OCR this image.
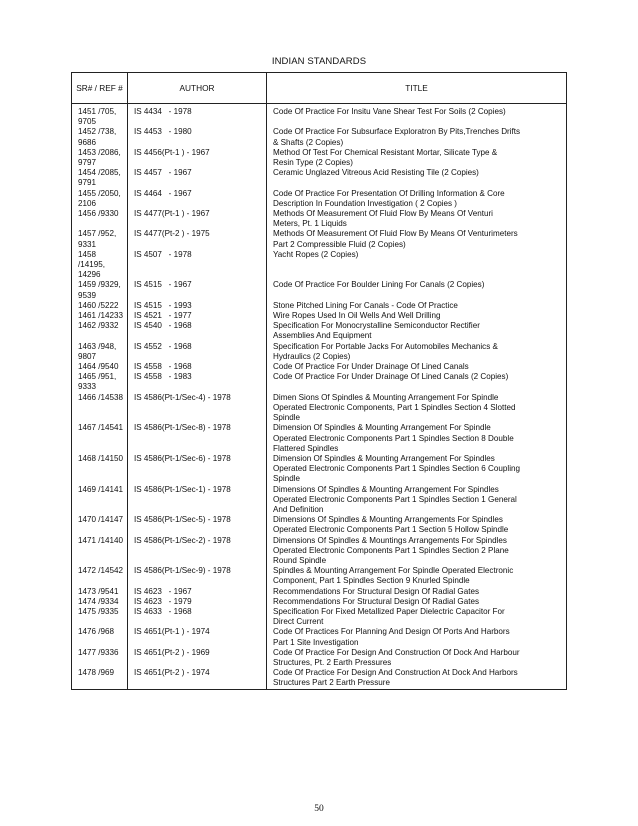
INDIAN STANDARDS
SR# / REF #	AUTHOR	TITLE
1451 /705,
9705	IS 4434   - 1978	Code Of Practice For Insitu Vane Shear Test For Soils (2 Copies)
1452 /738,
9686	IS 4453   - 1980	Code Of Practice For Subsurface Exploratron By Pits,Trenches Drifts
& Shafts (2 Copies)
1453 /2086,
9797	IS 4456(Pt-1 ) - 1967	Method Of Test For Chemical Resistant Mortar, Silicate Type &
Resin Type (2 Copies)
1454 /2085,
9791	IS 4457   - 1967	Ceramic Unglazed Vitreous Acid Resisting Tile (2 Copies)
1455 /2050,
2106	IS 4464   - 1967	Code Of Practice For Presentation Of Drilling Information & Core
Description In Foundation Investigation ( 2 Copies )
1456 /9330	IS 4477(Pt-1 ) - 1967	Methods Of Measurement Of Fluid Flow By Means Of Venturi
Meters, Pt. 1 Liquids
1457 /952,
9331	IS 4477(Pt-2 ) - 1975	Methods Of Measurement Of Fluid Flow By Means Of Venturimeters
Part 2 Compressible Fluid (2 Copies)
1458 /14195,
14296	IS 4507   - 1978	Yacht Ropes (2 Copies)
1459 /9329,
9539	IS 4515   - 1967	Code Of Practice For Boulder Lining For Canals (2 Copies)
1460 /5222	IS 4515   - 1993	Stone Pitched Lining For Canals - Code Of Practice
1461 /14233	IS 4521   - 1977	Wire Ropes Used In Oil Wells And Well Drilling
1462 /9332	IS 4540   - 1968	Specification For Monocrystalline Semiconductor Rectifier
Assemblies And Equipment
1463 /948,
9807	IS 4552   - 1968	Specification For Portable Jacks For Automobiles Mechanics &
Hydraulics (2 Copies)
1464 /9540	IS 4558   - 1968	Code Of Practice For Under Drainage Of Lined Canals
1465 /951,
9333	IS 4558   - 1983	Code Of Practice For Under Drainage Of Lined Canals (2 Copies)
1466 /14538	IS 4586(Pt-1/Sec-4) - 1978	Dimen Sions Of Spindles & Mounting Arrangement For Spindle
Operated Electronic Components, Part 1 Spindles Section 4 Slotted
Spindle
1467 /14541	IS 4586(Pt-1/Sec-8) - 1978	Dimension Of Spindles & Mounting Arrangement For Spindle
Operated Electronic Components Part 1 Spindles Section 8 Double
Flattered Spindles
1468 /14150	IS 4586(Pt-1/Sec-6) - 1978	Dimension Of Spindles & Mounting Arrangement For Spindles
Operated Electronic Components Part 1 Spindles Section 6 Coupling
Spindle
1469 /14141	IS 4586(Pt-1/Sec-1) - 1978	Dimensions Of Spindles & Mounting Arrangement For Spindles
Operated Electronic Components Part 1 Spindles Section 1 General
And Definition
1470 /14147	IS 4586(Pt-1/Sec-5) - 1978	Dimensions Of Spindles & Mounting Arrangements For Spindles
Operated Electronic Components Part 1 Section 5 Hollow Spindle
1471 /14140	IS 4586(Pt-1/Sec-2) - 1978	Dimensions Of Spindles & Mountings Arrangements For Spindles
Operated Electronic Components Part 1 Spindles Section 2 Plane
Round Spindle
1472 /14542	IS 4586(Pt-1/Sec-9) - 1978	Spindles & Mounting Arrangement For Spindle Operated Electronic
Component, Part 1 Spindles Section 9 Knurled Spindle
1473 /9541	IS 4623   - 1967	Recommendations For Structural Design Of Radial Gates
1474 /9334	IS 4623   - 1979	Recommendations For Structural Design Of Radial Gates
1475 /9335	IS 4633   - 1968	Specification For Fixed Metallized Paper Dielectric Capacitor For
Direct Current
1476 /968	IS 4651(Pt-1 ) - 1974	Code Of Practices For Planning And Design Of Ports And Harbors
Part 1 Site Investigation
1477 /9336	IS 4651(Pt-2 ) - 1969	Code Of Practice For Design And Construction Of Dock And Harbour
Structures, Pt. 2 Earth Pressures
1478 /969	IS 4651(Pt-2 ) - 1974	Code Of Practice For Design And Construction At Dock And Harbors
Structures Part 2 Earth Pressure
50
